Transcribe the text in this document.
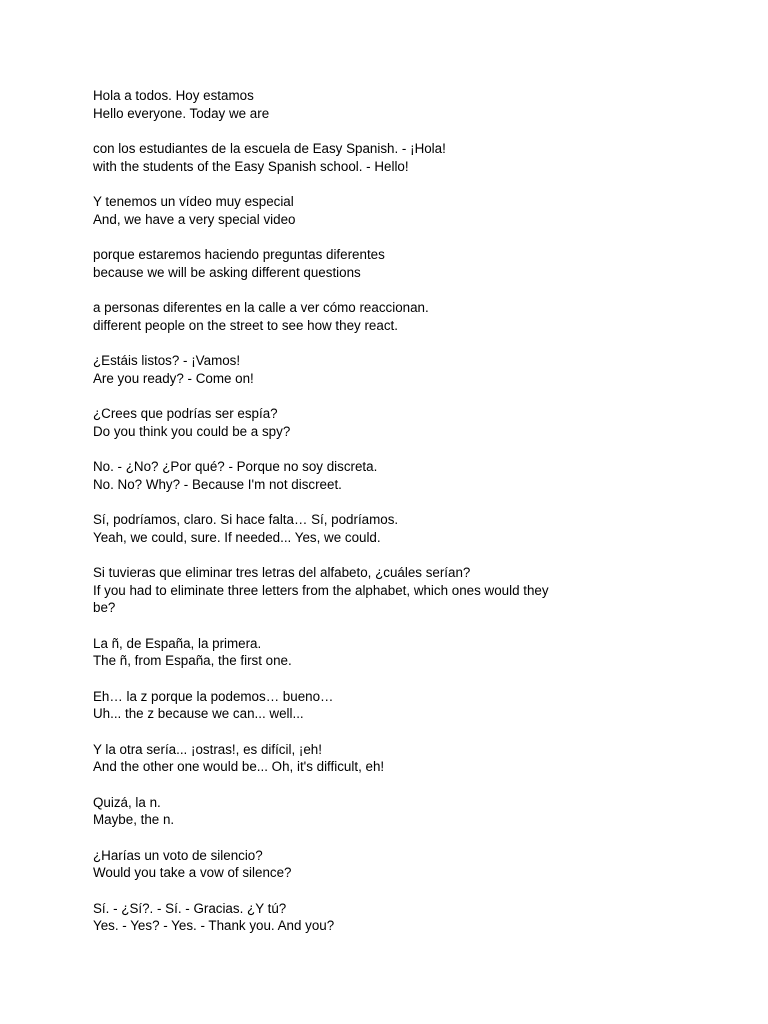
Hola a todos. Hoy estamos
Hello everyone. Today we are
con los estudiantes de la escuela de Easy Spanish. - ¡Hola!
with the students of the Easy Spanish school. - Hello!
Y tenemos un vídeo muy especial
And, we have a very special video
porque estaremos haciendo preguntas diferentes
because we will be asking different questions
a personas diferentes en la calle a ver cómo reaccionan.
different people on the street to see how they react.
¿Estáis listos? - ¡Vamos!
Are you ready? - Come on!
¿Crees que podrías ser espía?
Do you think you could be a spy?
No. - ¿No? ¿Por qué? - Porque no soy discreta.
No. No? Why? - Because I'm not discreet.
Sí, podríamos, claro. Si hace falta… Sí, podríamos.
Yeah, we could, sure. If needed... Yes, we could.
Si tuvieras que eliminar tres letras del alfabeto, ¿cuáles serían?
If you had to eliminate three letters from the alphabet, which ones would they be?
La ñ, de España, la primera.
The ñ, from España, the first one.
Eh… la z porque la podemos… bueno…
Uh... the z because we can... well...
Y la otra sería... ¡ostras!, es difícil, ¡eh!
And the other one would be... Oh, it's difficult, eh!
Quizá, la n.
Maybe, the n.
¿Harías un voto de silencio?
Would you take a vow of silence?
Sí. - ¿Sí?. - Sí. - Gracias. ¿Y tú?
Yes. - Yes? - Yes. - Thank you. And you?
